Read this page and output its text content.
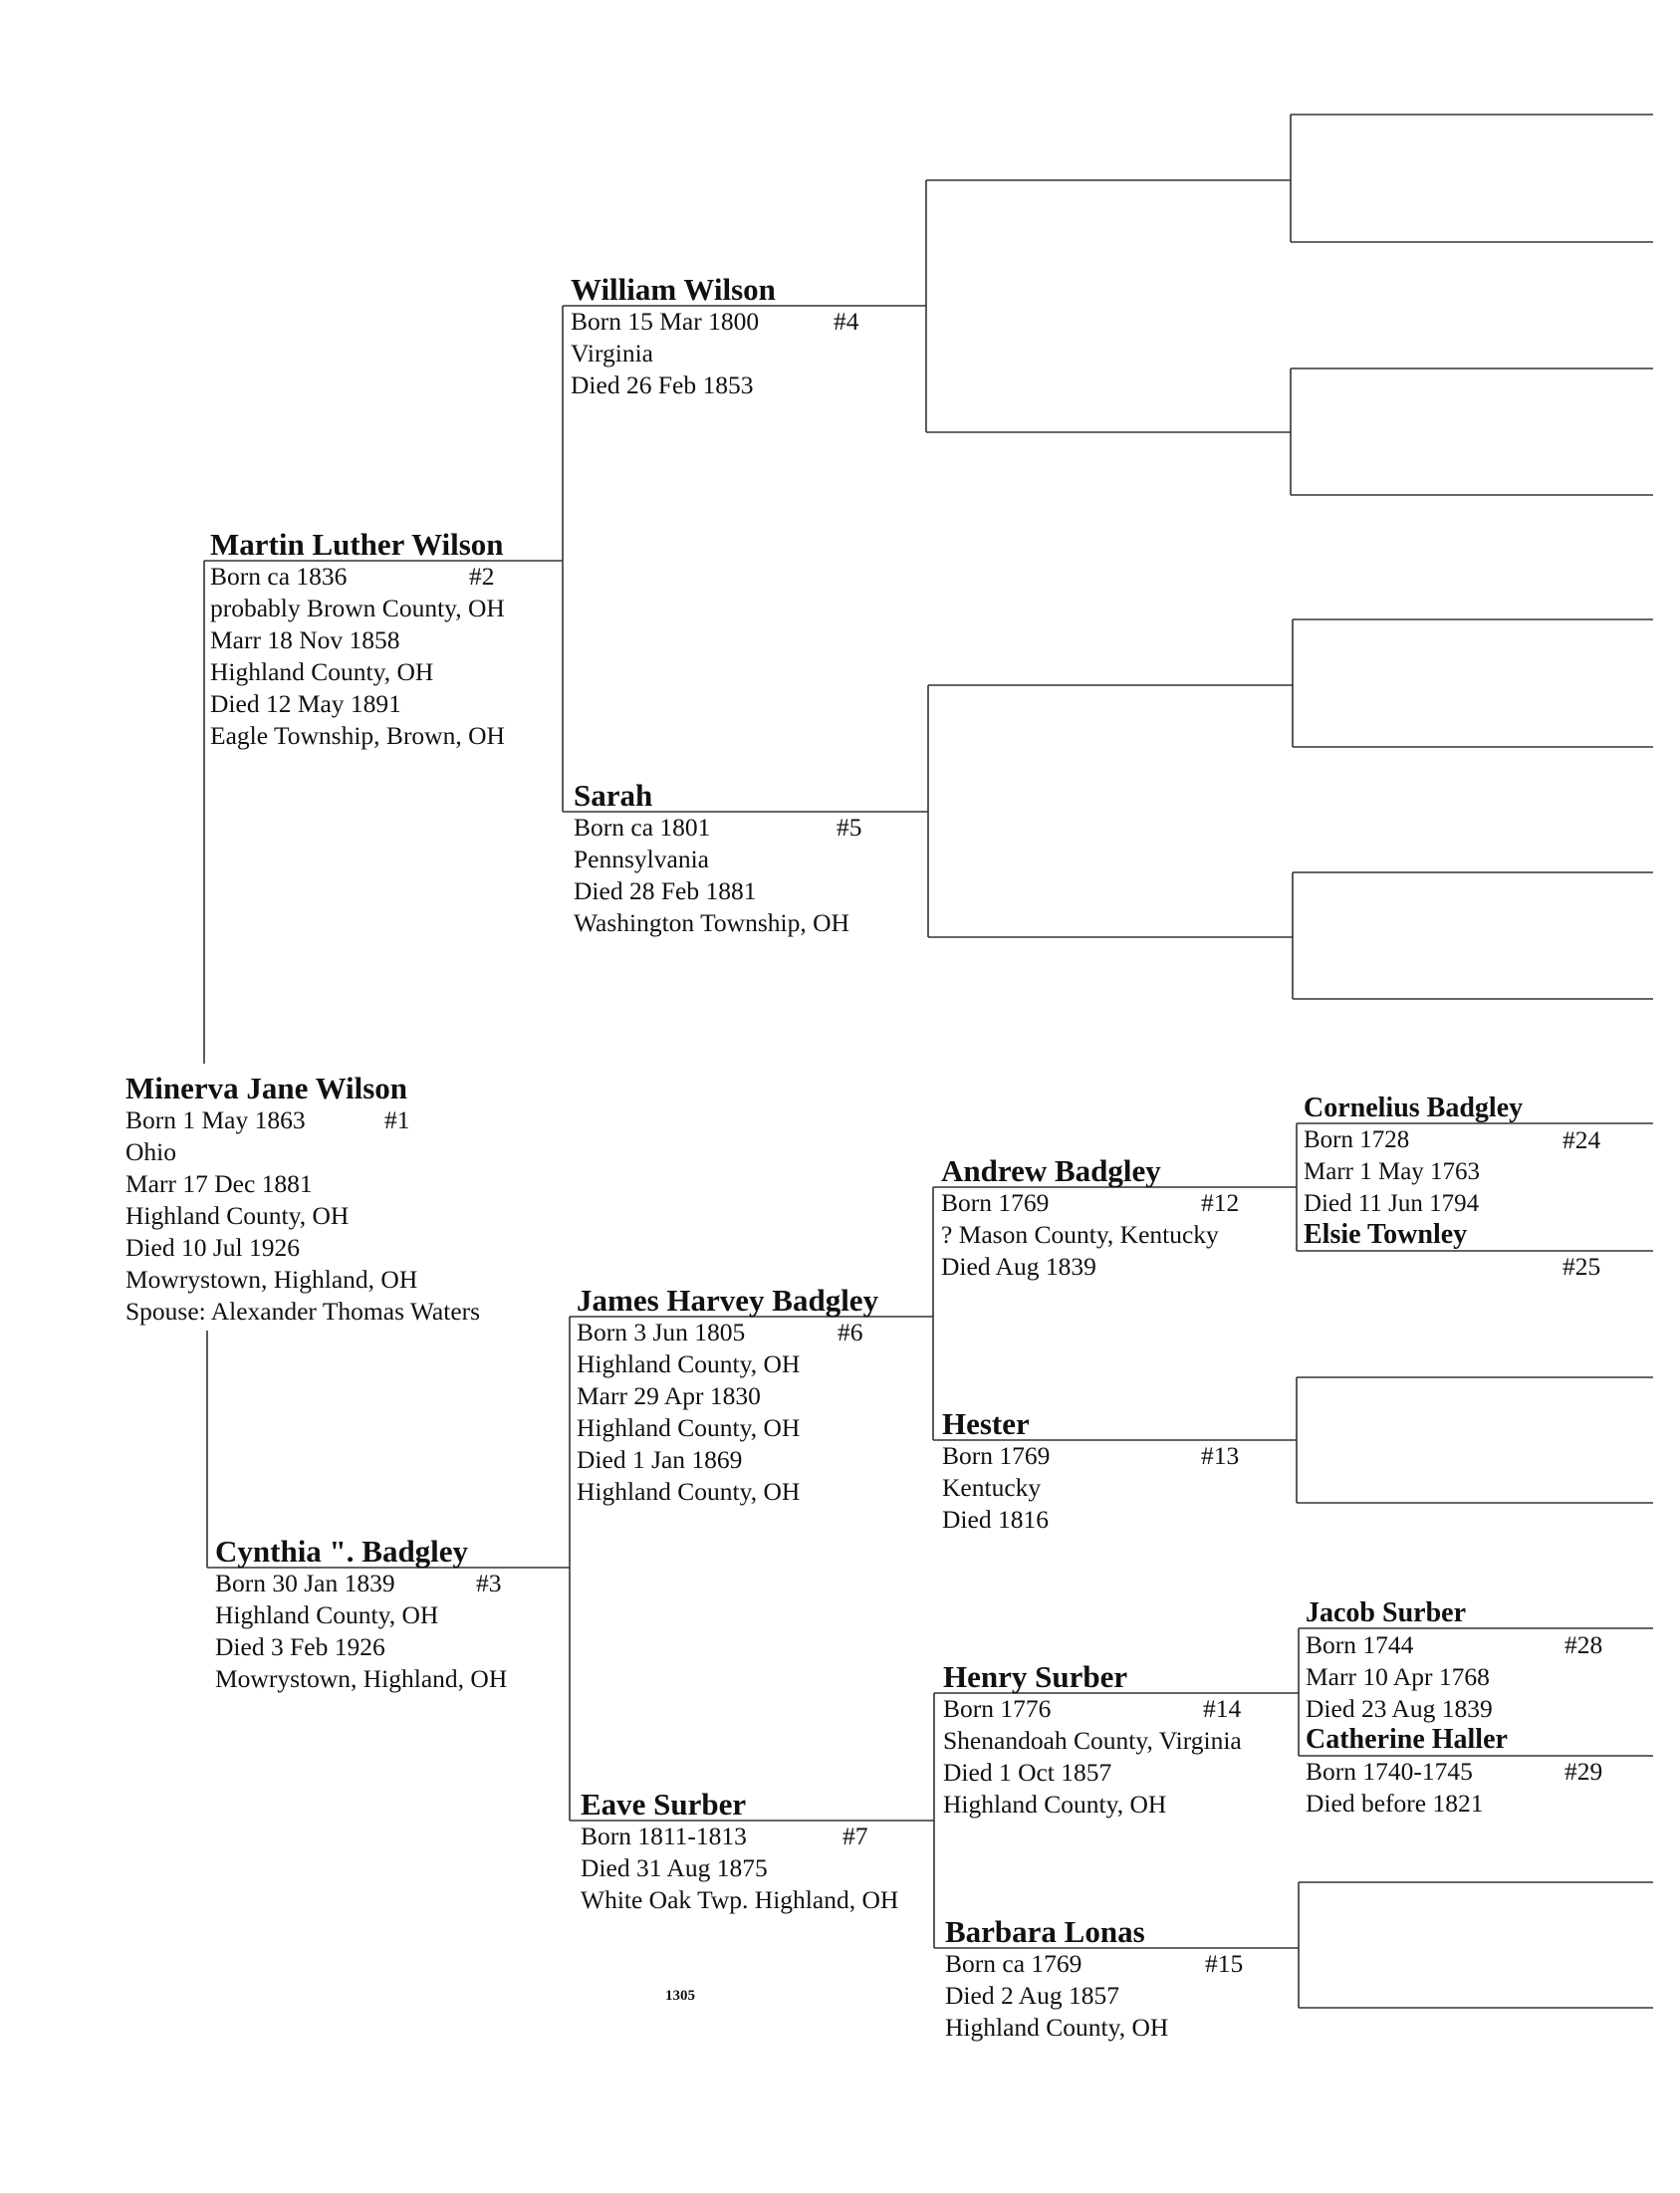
Minerva Jane Wilson
Born 1 May 1863
Ohio
Marr 17 Dec 1881
Highland County, OH
Died 10 Jul 1926
Mowrystown, Highland, OH
Spouse: Alexander Thomas Waters
#1
Martin Luther Wilson
Born ca 1836
probably Brown County, OH
Marr 18 Nov 1858
Highland County, OH
Died 12 May 1891
Eagle Township, Brown, OH
#2
Cynthia ". Badgley
Born 30 Jan 1839
Highland County, OH
Died 3 Feb 1926
Mowrystown, Highland, OH
#3
William Wilson
Born 15 Mar 1800
Virginia
Died 26 Feb 1853
#4
Sarah
Born ca 1801
Pennsylvania
Died 28 Feb 1881
Washington Township, OH
#5
James Harvey Badgley
Born 3 Jun 1805
Highland County, OH
Marr 29 Apr 1830
Highland County, OH
Died 1 Jan 1869
Highland County, OH
#6
Eave Surber
Born 1811-1813
Died 31 Aug 1875
White Oak Twp. Highland, OH
#7
Andrew Badgley
Born 1769
? Mason County, Kentucky
Died Aug 1839
#12
Hester
Born 1769
Kentucky
Died 1816
#13
Henry Surber
Born 1776
Shenandoah County, Virginia
Died 1 Oct 1857
Highland County, OH
#14
Barbara Lonas
Born ca 1769
Died 2 Aug 1857
Highland County, OH
#15
Cornelius Badgley
Born 1728
Marr 1 May 1763
Died 11 Jun 1794
#24
Elsie Townley
#25
Jacob Surber
Born 1744
Marr 10 Apr 1768
Died 23 Aug 1839
#28
Catherine Haller
Born 1740-1745
Died before 1821
#29
1305
